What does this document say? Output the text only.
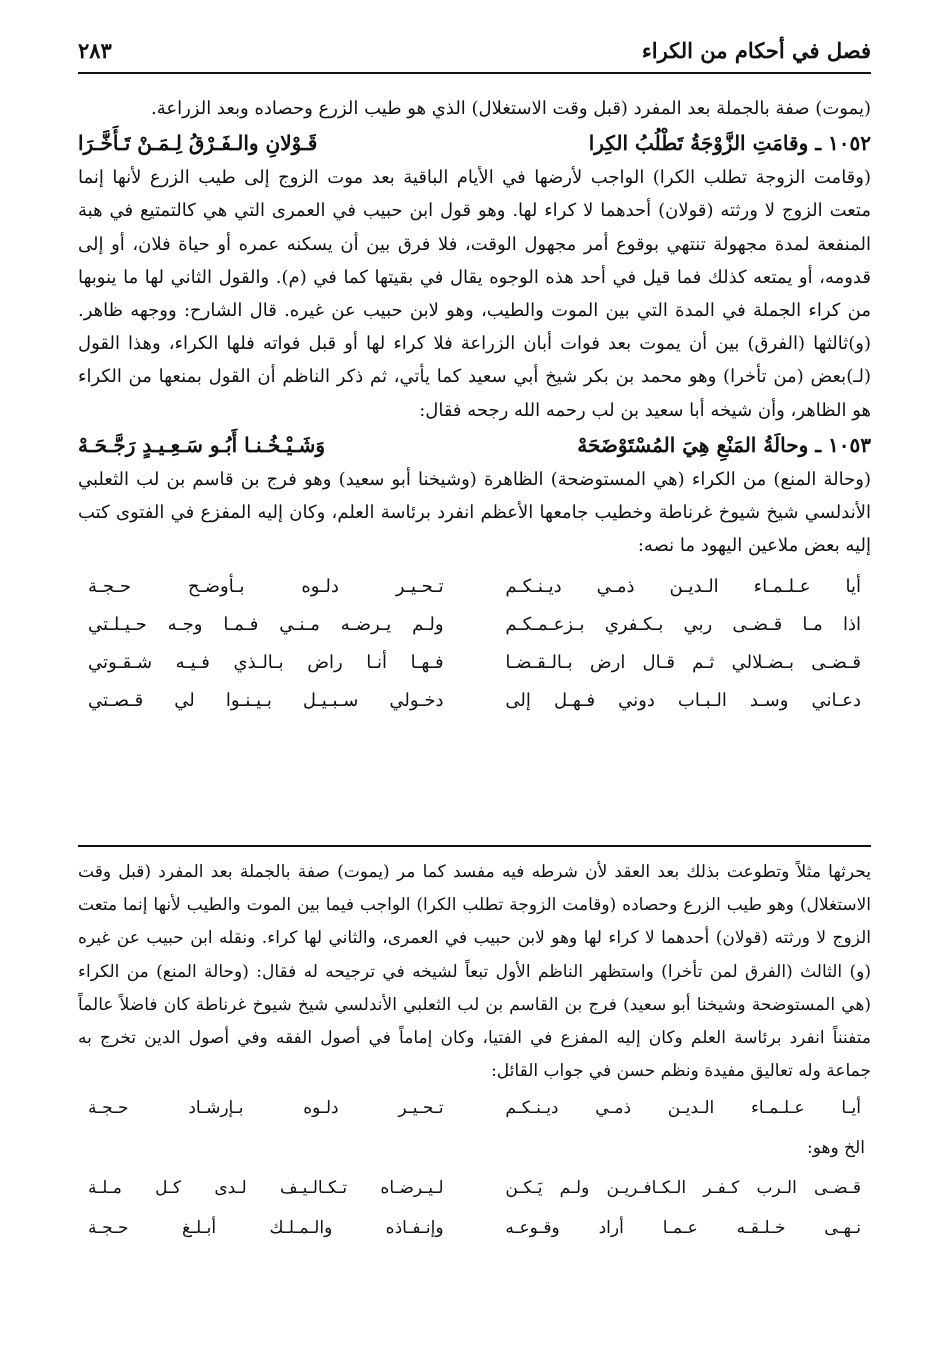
فصل في أحكام من الكراء
٢٨٣

(يموت) صفة بالجملة بعد المفرد (قبل وقت الاستغلال) الذي هو طيب الزرع وحصاده وبعد الزراعة.

١٠٥٢ ـ وقامَتِ الزَّوْجَةُ تَطْلُبُ الكِرا
قَـوْلانِ والـفَـرْقُ لِـمَـنْ تَـأَخَّـرَا

(وقامت الزوجة تطلب الكرا) الواجب لأرضها في الأيام الباقية بعد موت الزوج إلى طيب الزرع لأنها إنما متعت الزوج لا ورثته (قولان) أحدهما لا كراء لها. وهو قول ابن حبيب في العمرى التي هي كالتمتيع في هبة المنفعة لمدة مجهولة تنتهي بوقوع أمر مجهول الوقت، فلا فرق بين أن يسكنه عمره أو حياة فلان، أو إلى قدومه، أو يمتعه كذلك فما قيل في أحد هذه الوجوه يقال في بقيتها كما في (م). والقول الثاني لها ما ينوبها من كراء الجملة في المدة التي بين الموت والطيب، وهو لابن حبيب عن غيره. قال الشارح: ووجهه ظاهر. (و)ثالثها (الفرق) بين أن يموت بعد فوات أبان الزراعة فلا كراء لها أو قبل فواته فلها الكراء، وهذا القول (لـ)بعض (من تأخرا) وهو محمد بن بكر شيخ أبي سعيد كما يأتي، ثم ذكر الناظم أن القول بمنعها من الكراء هو الظاهر، وأن شيخه أبا سعيد بن لب رحمه الله رجحه فقال:

١٠٥٣ ـ وحالَةُ المَنْعِ هِيَ المُسْتَوْضَحَهْ
وَشَـيْـخُـنـا أَبُـو سَـعِـيـدٍ رَجَّـحَـهْ

(وحالة المنع) من الكراء (هي المستوضحة) الظاهرة (وشيخنا أبو سعيد) وهو فرج بن قاسم بن لب الثعلبي الأندلسي شيخ شيوخ غرناطة وخطيب جامعها الأعظم انفرد برئاسة العلم، وكان إليه المفزع في الفتوى كتب إليه بعض ملاعين اليهود ما نصه:

أيا عـلـمـاء الـديـن ذمـي ديـنـكـم
تـحـيـر دلـوه بـأوضـح حـجـة
اذا مـا قـضـى ربي بـكـفري بـزعـمـكـم
ولـم يـرضـه مـنـي فـمـا وجـه حـيـلـتي
قـضـى بـضـلالي ثـم قـال ارض بـالـقـضـا
فـهـا أنـا راض بـالـذي فـيـه شـقـوتي
دعـاني وسـد الـبـاب دوني فـهـل إلى
دخـولي سـبـيـل بـيـنـوا لي قـصـتي

يحرثها مثلاً وتطوعت بذلك بعد العقد لأن شرطه فيه مفسد كما مر (يموت) صفة بالجملة بعد المفرد (قبل وقت الاستغلال) وهو طيب الزرع وحصاده (وقامت الزوجة تطلب الكرا) الواجب فيما بين الموت والطيب لأنها إنما متعت الزوج لا ورثته (قولان) أحدهما لا كراء لها وهو لابن حبيب في العمرى، والثاني لها كراء. ونقله ابن حبيب عن غيره (و) الثالث (الفرق لمن تأخرا) واستظهر الناظم الأول تبعاً لشيخه في ترجيحه له فقال: (وحالة المنع) من الكراء (هي المستوضحة وشيخنا أبو سعيد) فرج بن القاسم بن لب الثعلبي الأندلسي شيخ شيوخ غرناطة كان فاضلاً عالماً متفنناً انفرد برئاسة العلم وكان إليه المفزع في الفتيا، وكان إماماً في أصول الفقه وفي أصول الدين تخرج به جماعة وله تعاليق مفيدة ونظم حسن في جواب القائل:

أيـا عـلـمـاء الـديـن ذمـي ديـنـكـم
تـحـيـر دلـوه بـإرشـاد حـجـة
الخ وهو:
قـضـى الـرب كـفـر الـكـافـريـن ولـم يَـكـن
لـيـرضـاه تـكـالـيـف لـدى كـل مـلـة
نـهـى خـلـقـه عـمـا أراد وقـوعـه
وإنـفـاذه والـمـلـك أبـلـغ حـجـة
